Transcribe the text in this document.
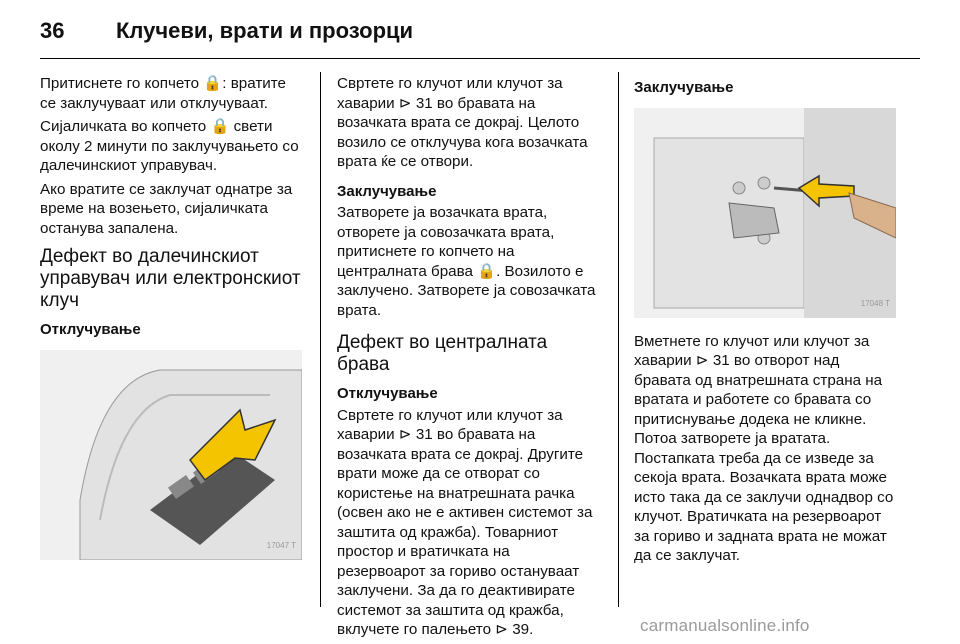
36 Клучеви, врати и прозорци

Притиснете го копчето 🔒: вратите се заклучуваат или отклучуваат.

Сијаличката во копчето 🔒 свети околу 2 минути по заклучувањето со далечинскиот управувач.

Ако вратите се заклучат однатре за време на возењето, сијаличката останува запалена.

Дефект во далечинскиот управувач или електронскиот клуч
Отклучување
17047 T

Свртете го клучот или клучот за хаварии ⊳ 31 во бравата на возачката врата се докрај. Целото возило се отклучува кога возачката врата ќе се отвори.

Заклучување

Затворете ја возачката врата, отворете ја совозачката врата, притиснете го копчето на централната брава 🔒. Возилото е заклучено. Затворете ја совозачката врата.

Дефект во централната брава
Отклучување

Свртете го клучот или клучот за хаварии ⊳ 31 во бравата на возачката врата се докрај. Другите врати може да се отворат со користење на внатрешната рачка (освен ако не е активен системот за заштита од кражба). Товарниот простор и вратичката на резервоарот за гориво остануваат заклучени. За да го деактивирате системот за заштита од кражба, вклучете го палењето ⊳ 39.

Заклучување
17048 T

Вметнете го клучот или клучот за хаварии ⊳ 31 во отворот над бравата од внатрешната страна на вратата и работете со бравата со притиснување додека не кликне. Потоа затворете ја вратата. Постапката треба да се изведе за секоја врата. Возачката врата може исто така да се заклучи однадвор со клучот. Вратичката на резервоарот за гориво и задната врата не можат да се заклучат.

carmanualsonline.info
